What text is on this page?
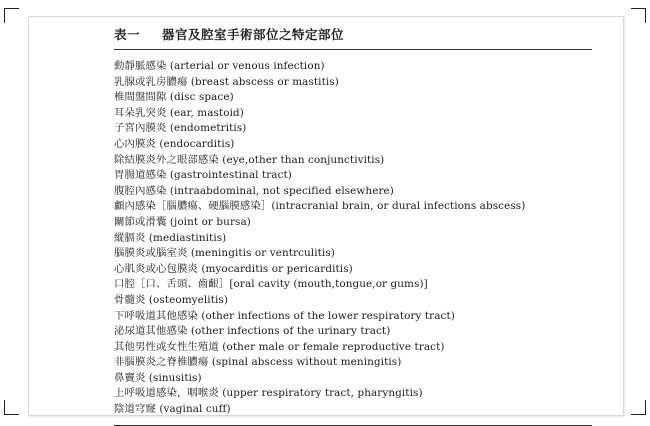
表一 器官及腔室手術部位之特定部位
動靜脈感染 (arterial or venous infection)
乳腺或乳房膿瘍 (breast abscess or mastitis)
椎間盤間隙 (disc space)
耳朵乳突炎 (ear, mastoid)
子宮內膜炎 (endometritis)
心內膜炎 (endocarditis)
除結膜炎外之眼部感染 (eye,other than conjunctivitis)
胃腸道感染 (gastrointestinal tract)
腹腔內感染 (intraabdominal, not specified elsewhere)
顱內感染［腦膿瘍、硬腦膜感染］(intracranial brain, or dural infections abscess)
關節或滑囊 (joint or bursa)
縱膈炎 (mediastinitis)
腦膜炎或腦室炎 (meningitis or ventrculitis)
心肌炎或心包膜炎 (myocarditis or pericarditis)
口腔［口、舌頭、齒齦］[oral cavity (mouth,tongue,or gums)]
骨髓炎 (osteomyelitis)
下呼吸道其他感染 (other infections of the lower respiratory tract)
泌尿道其他感染 (other infections of the urinary tract)
其他男性或女性生殖道 (other male or female reproductive tract)
非腦膜炎之脊椎膿瘍 (spinal abscess without meningitis)
鼻竇炎 (sinusitis)
上呼吸道感染，咽喉炎 (upper respiratory tract, pharyngitis)
陰道穹窿 (vaginal cuff)
